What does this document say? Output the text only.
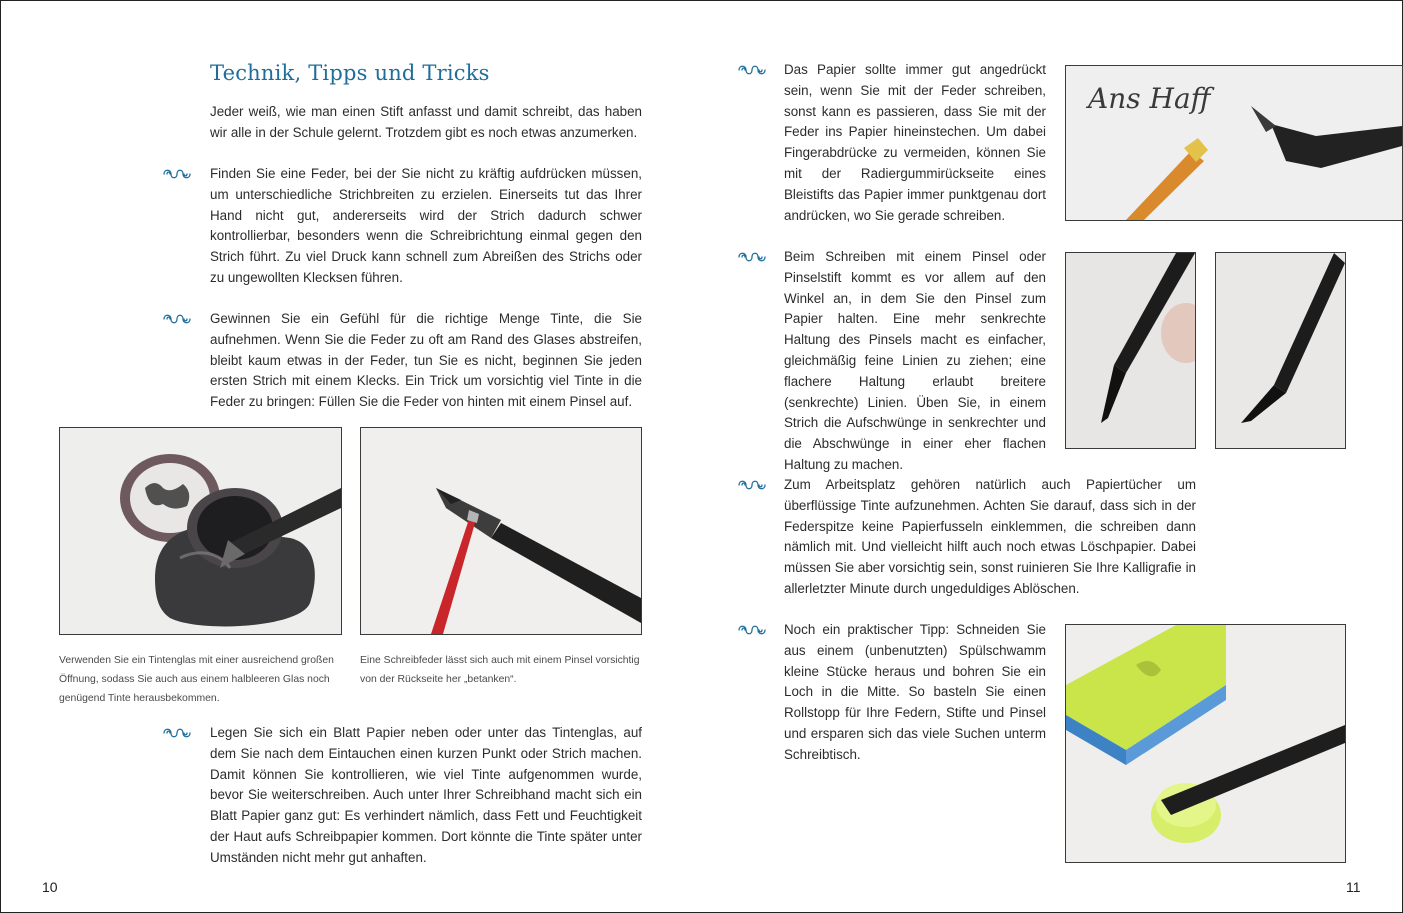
Technik, Tipps und Tricks

Jeder weiß, wie man einen Stift anfasst und damit schreibt, das haben wir alle in der Schule gelernt. Trotzdem gibt es noch etwas anzumerken.

Finden Sie eine Feder, bei der Sie nicht zu kräftig aufdrücken müssen, um unterschiedliche Strichbreiten zu erzielen. Einerseits tut das Ihrer Hand nicht gut, andererseits wird der Strich dadurch schwer kontrollierbar, besonders wenn die Schreibrichtung einmal gegen den Strich führt. Zu viel Druck kann schnell zum Abreißen des Strichs oder zu ungewollten Klecksen führen.

Gewinnen Sie ein Gefühl für die richtige Menge Tinte, die Sie aufnehmen. Wenn Sie die Feder zu oft am Rand des Glases abstreifen, bleibt kaum etwas in der Feder, tun Sie es nicht, beginnen Sie jeden ersten Strich mit einem Klecks. Ein Trick um vorsichtig viel Tinte in die Feder zu bringen: Füllen Sie die Feder von hinten mit einem Pinsel auf.

Verwenden Sie ein Tintenglas mit einer ausreichend großen Öffnung, sodass Sie auch aus einem halbleeren Glas noch genügend Tinte herausbekommen.

Eine Schreibfeder lässt sich auch mit einem Pinsel vorsichtig von der Rückseite her „betanken“.

Legen Sie sich ein Blatt Papier neben oder unter das Tintenglas, auf dem Sie nach dem Eintauchen einen kurzen Punkt oder Strich machen. Damit können Sie kontrollieren, wie viel Tinte aufgenommen wurde, bevor Sie weiterschreiben. Auch unter Ihrer Schreibhand macht sich ein Blatt Papier ganz gut: Es verhindert nämlich, dass Fett und Feuchtigkeit der Haut aufs Schreibpapier kommen. Dort könnte die Tinte später unter Umständen nicht mehr gut anhaften.

10

Das Papier sollte immer gut angedrückt sein, wenn Sie mit der Feder schreiben, sonst kann es passieren, dass Sie mit der Feder ins Papier hineinstechen. Um dabei Fingerabdrücke zu vermeiden, können Sie mit der Radiergummirückseite eines Bleistifts das Papier immer punktgenau dort andrücken, wo Sie gerade schreiben.

Ans Haff

Beim Schreiben mit einem Pinsel oder Pinselstift kommt es vor allem auf den Winkel an, in dem Sie den Pinsel zum Papier halten. Eine mehr senkrechte Haltung des Pinsels macht es einfacher, gleichmäßig feine Linien zu ziehen; eine flachere Haltung erlaubt breitere (senkrechte) Linien. Üben Sie, in einem Strich die Aufschwünge in senkrechter und die Abschwünge in einer eher flachen Haltung zu machen.

Zum Arbeitsplatz gehören natürlich auch Papiertücher um überflüssige Tinte aufzunehmen. Achten Sie darauf, dass sich in der Federspitze keine Papierfusseln einklemmen, die schreiben dann nämlich mit. Und vielleicht hilft auch noch etwas Löschpapier. Dabei müssen Sie aber vorsichtig sein, sonst ruinieren Sie Ihre Kalligrafie in allerletzter Minute durch ungeduldiges Ablöschen.

Noch ein praktischer Tipp: Schneiden Sie aus einem (unbenutzten) Spülschwamm kleine Stücke heraus und bohren Sie ein Loch in die Mitte. So basteln Sie einen Rollstopp für Ihre Federn, Stifte und Pinsel und ersparen sich das viele Suchen unterm Schreibtisch.

11
